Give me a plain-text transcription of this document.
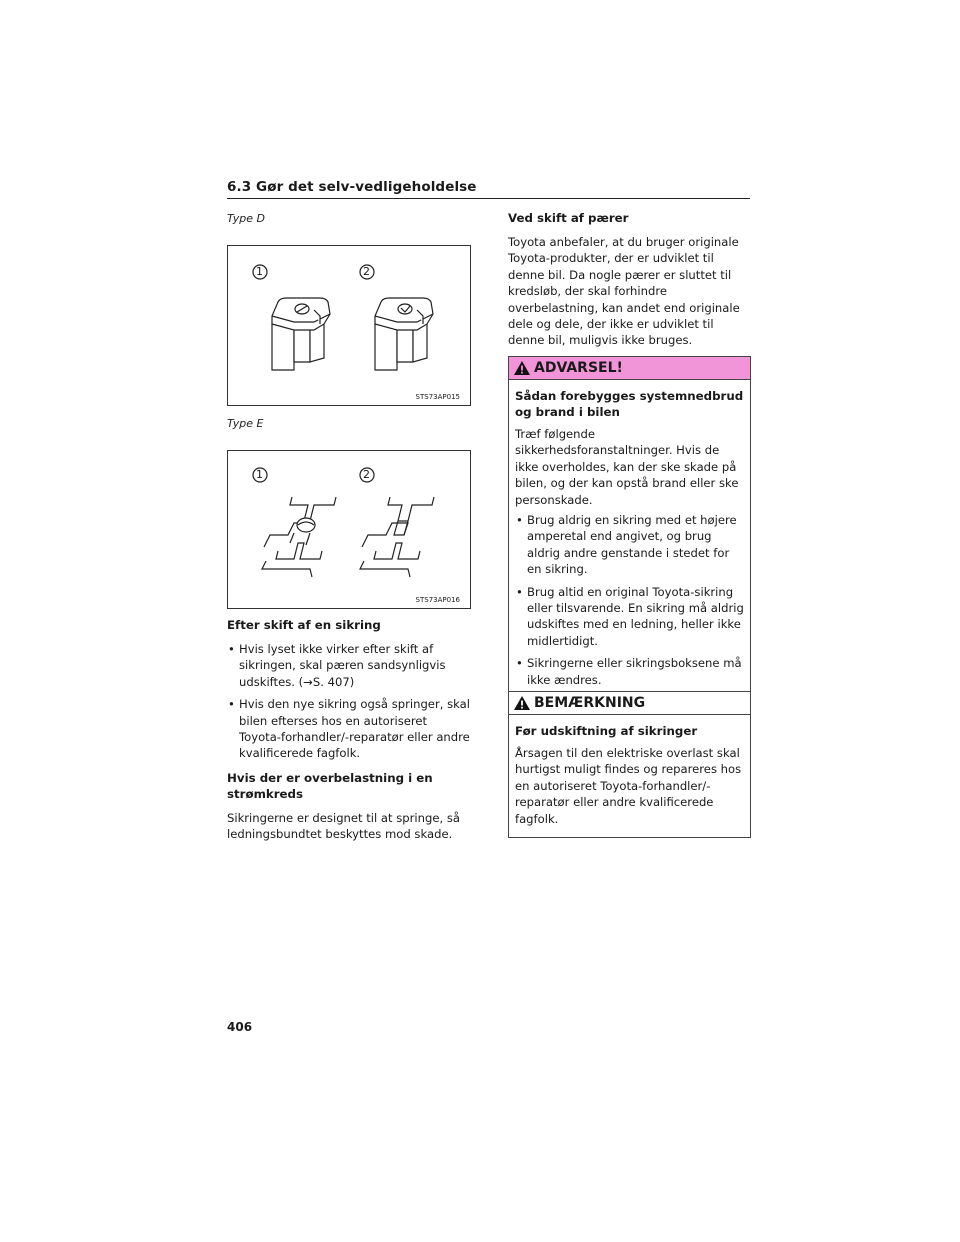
6.3 Gør det selv-vedligeholdelse
Type D
1	2
STS73AP015
Type E
1	2
STS73AP016
Efter skift af en sikring
• Hvis lyset ikke virker efter skift af sikringen, skal pæren sandsynligvis udskiftes. (→S. 407)
• Hvis den nye sikring også springer, skal bilen efterses hos en autoriseret Toyota-forhandler/-reparatør eller andre kvalificerede fagfolk.
Hvis der er overbelastning i en strømkreds

Sikringerne er designet til at springe, så ledningsbundtet beskyttes mod skade.

Ved skift af pærer

Toyota anbefaler, at du bruger originale Toyota-produkter, der er udviklet til denne bil. Da nogle pærer er sluttet til kredsløb, der skal forhindre overbelastning, kan andet end originale dele og dele, der ikke er udviklet til denne bil, muligvis ikke bruges.

ADVARSEL!
Sådan forebygges systemnedbrud og brand i bilen

Træf følgende sikkerhedsforanstaltninger. Hvis de ikke overholdes, kan der ske skade på bilen, og der kan opstå brand eller ske personskade.

• Brug aldrig en sikring med et højere amperetal end angivet, og brug aldrig andre genstande i stedet for en sikring.
• Brug altid en original Toyota-sikring eller tilsvarende. En sikring må aldrig udskiftes med en ledning, heller ikke midlertidigt.
• Sikringerne eller sikringsboksene må ikke ændres.
BEMÆRKNING
Før udskiftning af sikringer

Årsagen til den elektriske overlast skal hurtigst muligt findes og repareres hos en autoriseret Toyota-forhandler/-reparatør eller andre kvalificerede fagfolk.

406
